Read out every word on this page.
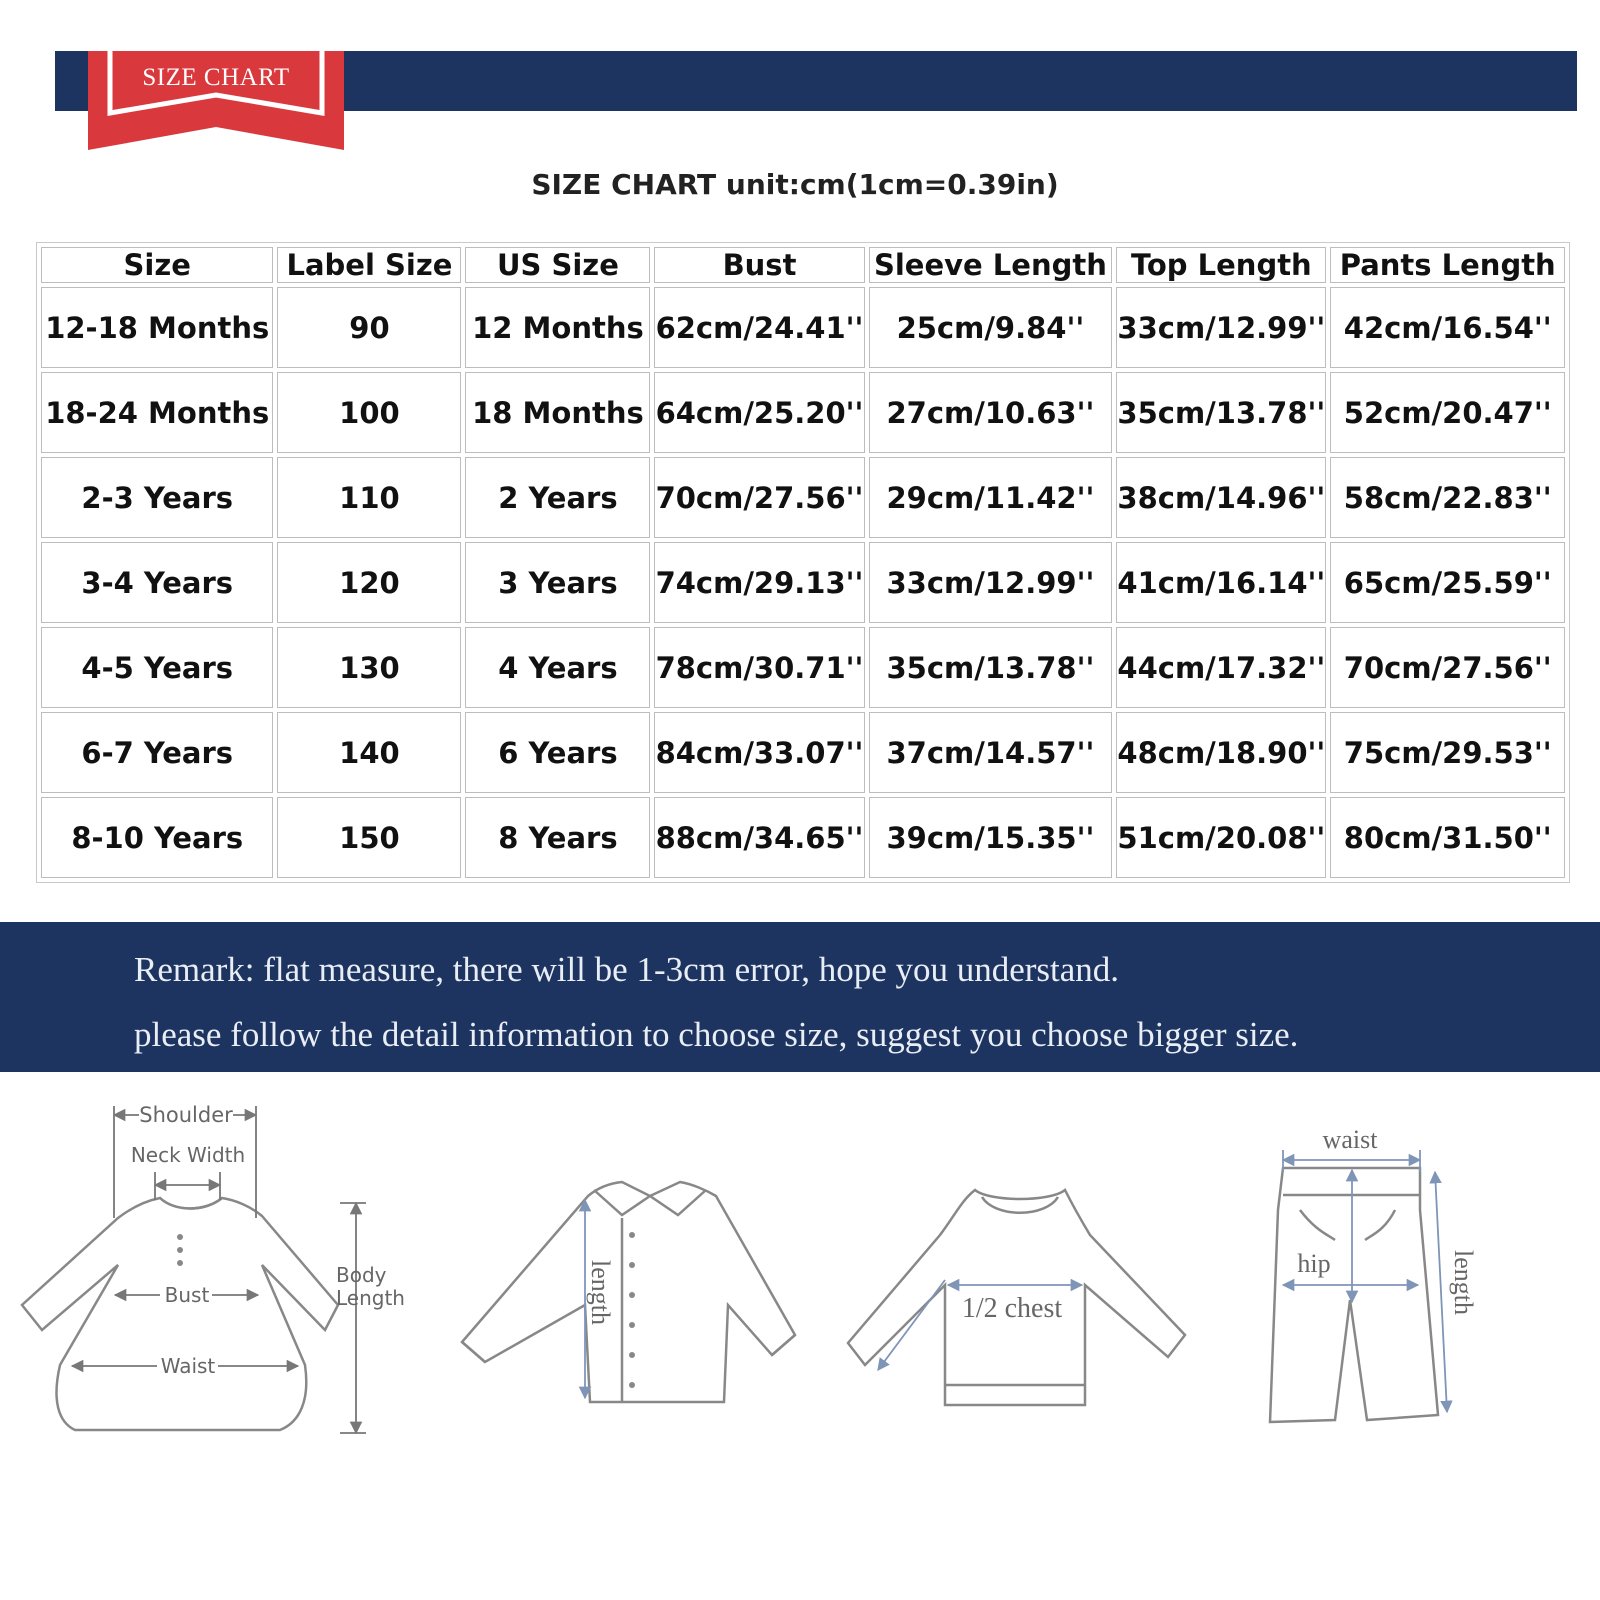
SIZE CHART
SIZE CHART unit:cm(1cm=0.39in)
Size	Label Size	US Size	Bust	Sleeve Length	Top Length	Pants Length
12-18 Months	90	12 Months	62cm/24.41''	25cm/9.84''	33cm/12.99''	42cm/16.54''
18-24 Months	100	18 Months	64cm/25.20''	27cm/10.63''	35cm/13.78''	52cm/20.47''
2-3 Years	110	2 Years	70cm/27.56''	29cm/11.42''	38cm/14.96''	58cm/22.83''
3-4 Years	120	3 Years	74cm/29.13''	33cm/12.99''	41cm/16.14''	65cm/25.59''
4-5 Years	130	4 Years	78cm/30.71''	35cm/13.78''	44cm/17.32''	70cm/27.56''
6-7 Years	140	6 Years	84cm/33.07''	37cm/14.57''	48cm/18.90''	75cm/29.53''
8-10 Years	150	8 Years	88cm/34.65''	39cm/15.35''	51cm/20.08''	80cm/31.50''
Remark: flat measure, there will be 1-3cm error, hope you understand.
please follow the detail information to choose size, suggest you choose bigger size.
Shoulder
Neck Width
Bust
Waist
Body
Length	length	1/2 chest
waist
hip	length
